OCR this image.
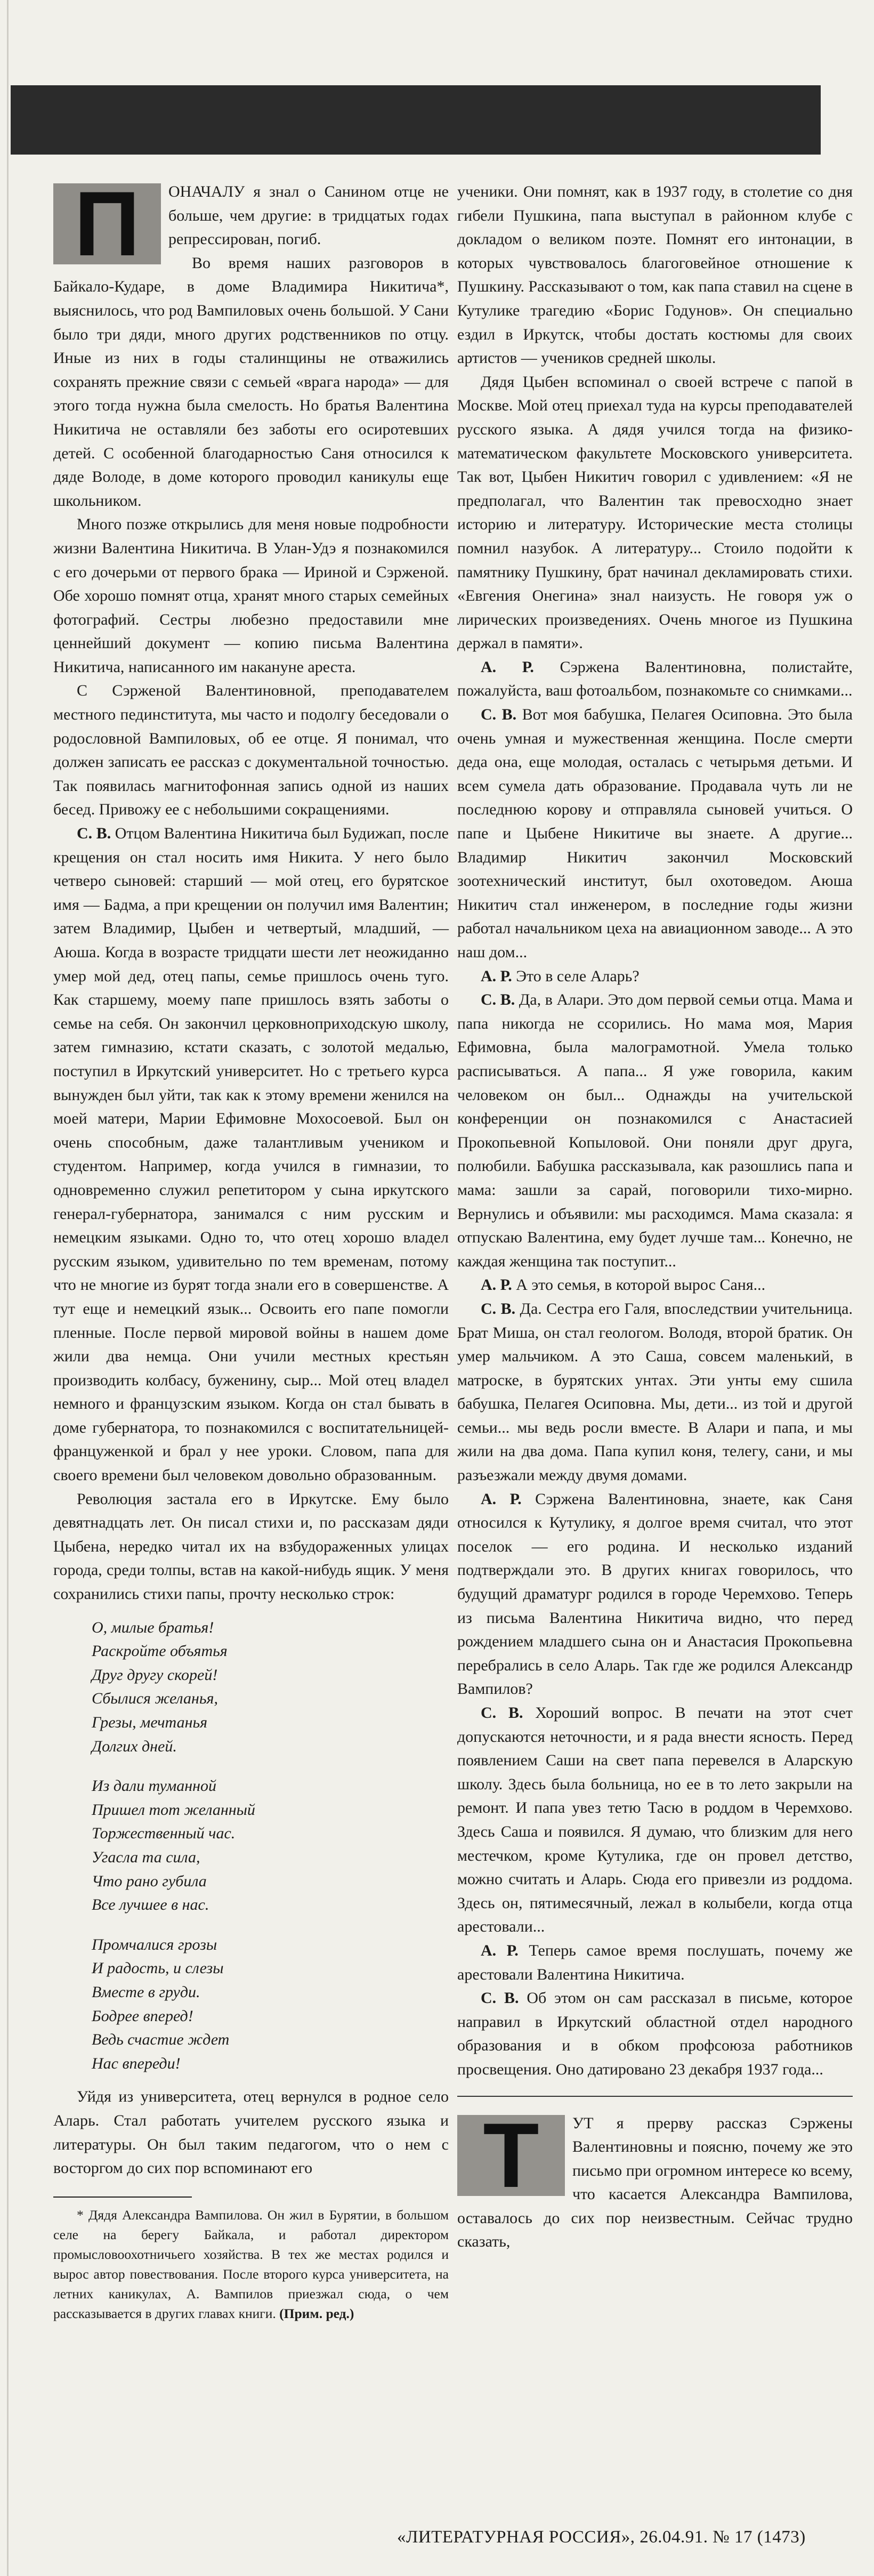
П	ОНАЧАЛУ я знал о Санином отце не больше, чем другие: в тридцатых годах репрессирован, погиб.

Во время наших разговоров в Байкало-Кударе, в доме Владимира Никитича*, выяснилось, что род Вампиловых очень большой. У Сани было три дяди, много других родственников по отцу. Иные из них в годы сталинщины не отважились сохранять прежние связи с семьей «врага народа» — для этого тогда нужна была смелость. Но братья Валентина Никитича не оставляли без заботы его осиротевших детей. С особенной благодарностью Саня относился к дяде Володе, в доме которого проводил каникулы еще школьником.

Много позже открылись для меня новые подробности жизни Валентина Никитича. В Улан-Удэ я познакомился с его дочерьми от первого брака — Ириной и Сэрженой. Обе хорошо помнят отца, хранят много старых семейных фотографий. Сестры любезно предоставили мне ценнейший документ — копию письма Валентина Никитича, написанного им накануне ареста.

С Сэрженой Валентиновной, преподавателем местного пединститута, мы часто и подолгу беседовали о родословной Вампиловых, об ее отце. Я понимал, что должен записать ее рассказ с документальной точностью. Так появилась магнитофонная запись одной из наших бесед. Привожу ее с небольшими сокращениями.

С. В. Отцом Валентина Никитича был Будижап, после крещения он стал носить имя Никита. У него было четверо сыновей: старший — мой отец, его бурятское имя — Бадма, а при крещении он получил имя Валентин; затем Владимир, Цыбен и четвертый, младший, — Аюша. Когда в возрасте тридцати шести лет неожиданно умер мой дед, отец папы, семье пришлось очень туго. Как старшему, моему папе пришлось взять заботы о семье на себя. Он закончил церковноприходскую школу, затем гимназию, кстати сказать, с золотой медалью, поступил в Иркутский университет. Но с третьего курса вынужден был уйти, так как к этому времени женился на моей матери, Марии Ефимовне Мохосоевой. Был он очень способным, даже талантливым учеником и студентом. Например, когда учился в гимназии, то одновременно служил репетитором у сына иркутского генерал-губернатора, занимался с ним русским и немецким языками. Одно то, что отец хорошо владел русским языком, удивительно по тем временам, потому что не многие из бурят тогда знали его в совершенстве. А тут еще и немецкий язык... Освоить его папе помогли пленные. После первой мировой войны в нашем доме жили два немца. Они учили местных крестьян производить колбасу, буженину, сыр... Мой отец владел немного и французским языком. Когда он стал бывать в доме губернатора, то познакомился с воспитательницей-француженкой и брал у нее уроки. Словом, папа для своего времени был человеком довольно образованным.

Революция застала его в Иркутске. Ему было девятнадцать лет. Он писал стихи и, по рассказам дяди Цыбена, нередко читал их на взбудораженных улицах города, среди толпы, встав на какой-нибудь ящик. У меня сохранились стихи папы, прочту несколько строк:

О, милые братья!
Раскройте объятья
Друг другу скорей!
Сбылися желанья,
Грезы, мечтанья
Долгих дней.
Из дали туманной
Пришел тот желанный
Торжественный час.
Угасла та сила,
Что рано губила
Все лучшее в нас.
Промчалися грозы
И радость, и слезы
Вместе в груди.
Бодрее вперед!
Ведь счастие ждет
Нас впереди!

Уйдя из университета, отец вернулся в родное село Аларь. Стал работать учителем русского языка и литературы. Он был таким педагогом, что о нем с восторгом до сих пор вспоминают его

* Дядя Александра Вампилова. Он жил в Бурятии, в большом селе на берегу Байкала, и работал директором промысловоохотничьего хозяйства. В тех же местах родился и вырос автор повествования. После второго курса университета, на летних каникулах, А. Вампилов приезжал сюда, о чем рассказывается в других главах книги. (Прим. ред.)

ученики. Они помнят, как в 1937 году, в столетие со дня гибели Пушкина, папа выступал в районном клубе с докладом о великом поэте. Помнят его интонации, в которых чувствовалось благоговейное отношение к Пушкину. Рассказывают о том, как папа ставил на сцене в Кутулике трагедию «Борис Годунов». Он специально ездил в Иркутск, чтобы достать костюмы для своих артистов — учеников средней школы.

Дядя Цыбен вспоминал о своей встрече с папой в Москве. Мой отец приехал туда на курсы преподавателей русского языка. А дядя учился тогда на физико-математическом факультете Московского университета. Так вот, Цыбен Никитич говорил с удивлением: «Я не предполагал, что Валентин так превосходно знает историю и литературу. Исторические места столицы помнил назубок. А литературу... Стоило подойти к памятнику Пушкину, брат начинал декламировать стихи. «Евгения Онегина» знал наизусть. Не говоря уж о лирических произведениях. Очень многое из Пушкина держал в памяти».

А. Р. Сэржена Валентиновна, полистайте, пожалуйста, ваш фотоальбом, познакомьте со снимками...

С. В. Вот моя бабушка, Пелагея Осиповна. Это была очень умная и мужественная женщина. После смерти деда она, еще молодая, осталась с четырьмя детьми. И всем сумела дать образование. Продавала чуть ли не последнюю корову и отправляла сыновей учиться. О папе и Цыбене Никитиче вы знаете. А другие... Владимир Никитич закончил Московский зоотехнический институт, был охотоведом. Аюша Никитич стал инженером, в последние годы жизни работал начальником цеха на авиационном заводе... А это наш дом...

А. Р. Это в селе Аларь?

С. В. Да, в Алари. Это дом первой семьи отца. Мама и папа никогда не ссорились. Но мама моя, Мария Ефимовна, была малограмотной. Умела только расписываться. А папа... Я уже говорила, каким человеком он был... Однажды на учительской конференции он познакомился с Анастасией Прокопьевной Копыловой. Они поняли друг друга, полюбили. Бабушка рассказывала, как разошлись папа и мама: зашли за сарай, поговорили тихо-мирно. Вернулись и объявили: мы расходимся. Мама сказала: я отпускаю Валентина, ему будет лучше там... Конечно, не каждая женщина так поступит...

А. Р. А это семья, в которой вырос Саня...

С. В. Да. Сестра его Галя, впоследствии учительница. Брат Миша, он стал геологом. Володя, второй братик. Он умер мальчиком. А это Саша, совсем маленький, в матроске, в бурятских унтах. Эти унты ему сшила бабушка, Пелагея Осиповна. Мы, дети... из той и другой семьи... мы ведь росли вместе. В Алари и папа, и мы жили на два дома. Папа купил коня, телегу, сани, и мы разъезжали между двумя домами.

А. Р. Сэржена Валентиновна, знаете, как Саня относился к Кутулику, я долгое время считал, что этот поселок — его родина. И несколько изданий подтверждали это. В других книгах говорилось, что будущий драматург родился в городе Черемхово. Теперь из письма Валентина Никитича видно, что перед рождением младшего сына он и Анастасия Прокопьевна перебрались в село Аларь. Так где же родился Александр Вампилов?

С. В. Хороший вопрос. В печати на этот счет допускаются неточности, и я рада внести ясность. Перед появлением Саши на свет папа перевелся в Аларскую школу. Здесь была больница, но ее в то лето закрыли на ремонт. И папа увез тетю Тасю в роддом в Черемхово. Здесь Саша и появился. Я думаю, что близким для него местечком, кроме Кутулика, где он провел детство, можно считать и Аларь. Сюда его привезли из роддома. Здесь он, пятимесячный, лежал в колыбели, когда отца арестовали...

А. Р. Теперь самое время послушать, почему же арестовали Валентина Никитича.

С. В. Об этом он сам рассказал в письме, которое направил в Иркутский областной отдел народного образования и в обком профсоюза работников просвещения. Оно датировано 23 декабря 1937 года...

Т	УТ я прерву рассказ Сэржены Валентиновны и поясню, почему же это письмо при огромном интересе ко всему, что касается Александра Вампилова, оставалось до сих пор неизвестным. Сейчас трудно сказать,

«ЛИТЕРАТУРНАЯ РОССИЯ», 26.04.91. № 17 (1473)
